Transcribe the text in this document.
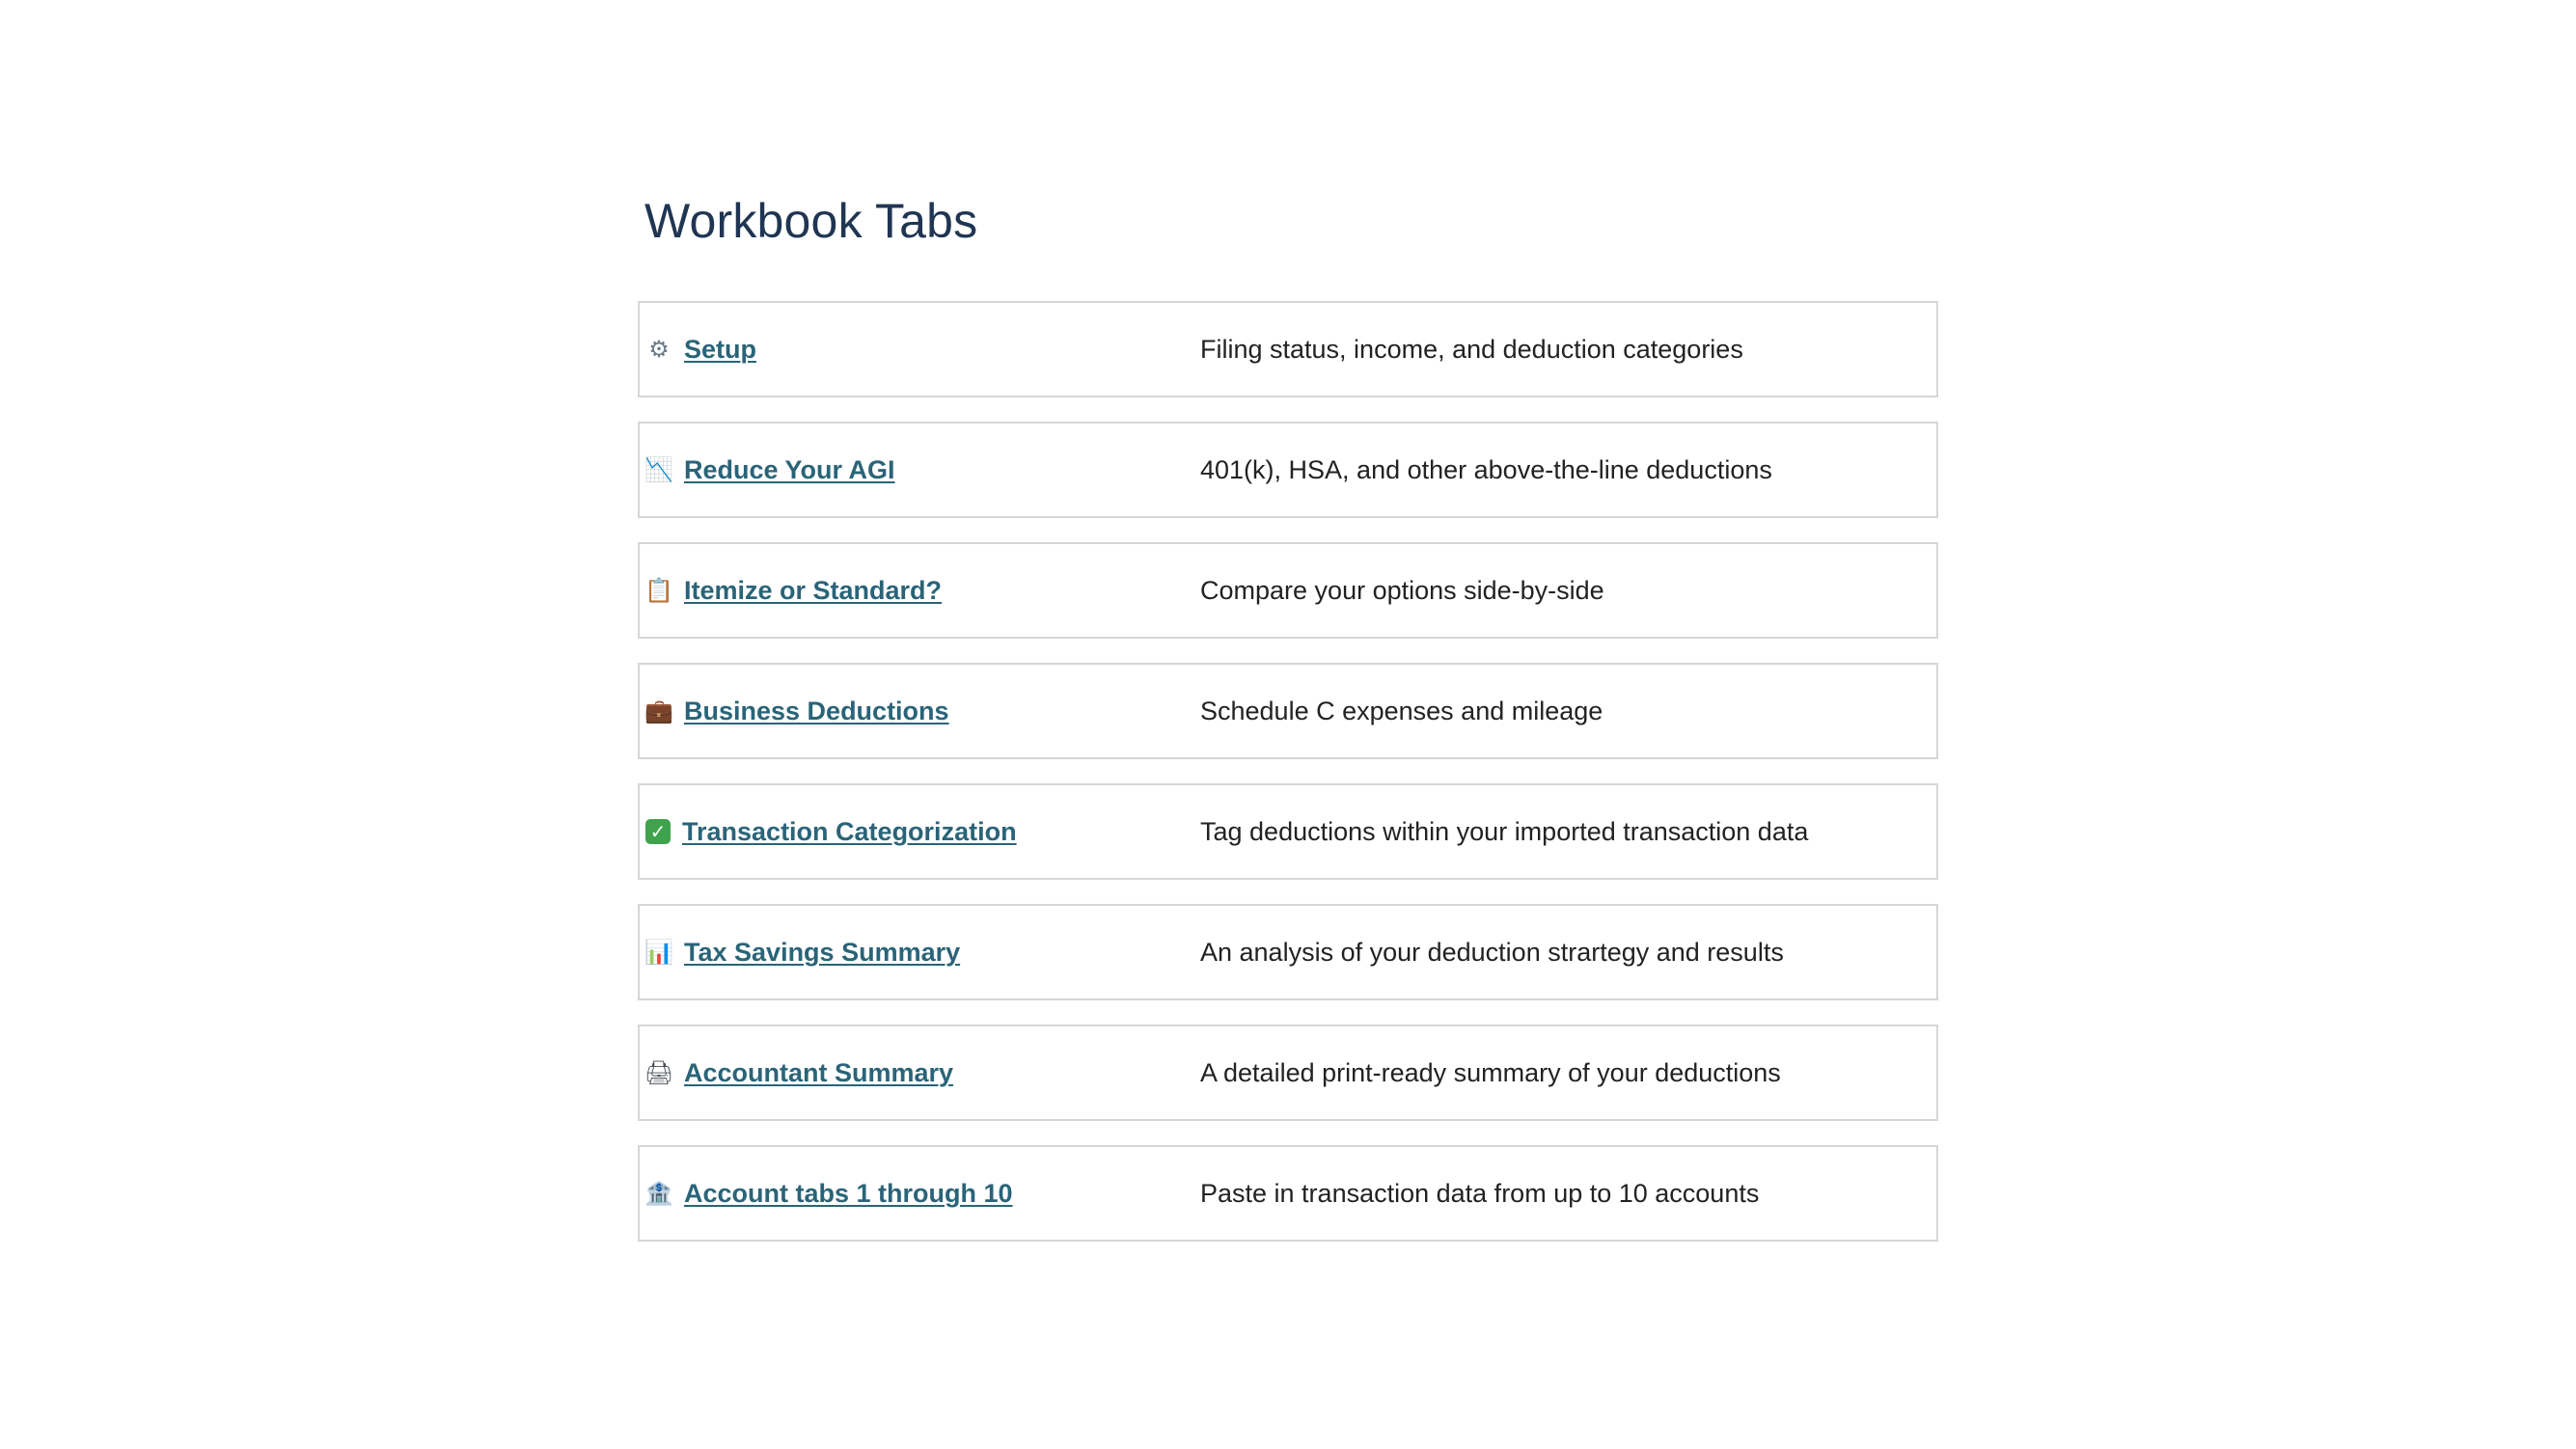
Workbook Tabs
⚙ Setup	Filing status, income, and deduction categories
📉 Reduce Your AGI	401(k), HSA, and other above-the-line deductions
📋 Itemize or Standard?	Compare your options side-by-side
💼 Business Deductions	Schedule C expenses and mileage
✓ Transaction Categorization	Tag deductions within your imported transaction data
📊 Tax Savings Summary	An analysis of your deduction strartegy and results
🖨 Accountant Summary	A detailed print-ready summary of your deductions
🏦 Account tabs 1 through 10	Paste in transaction data from up to 10 accounts
